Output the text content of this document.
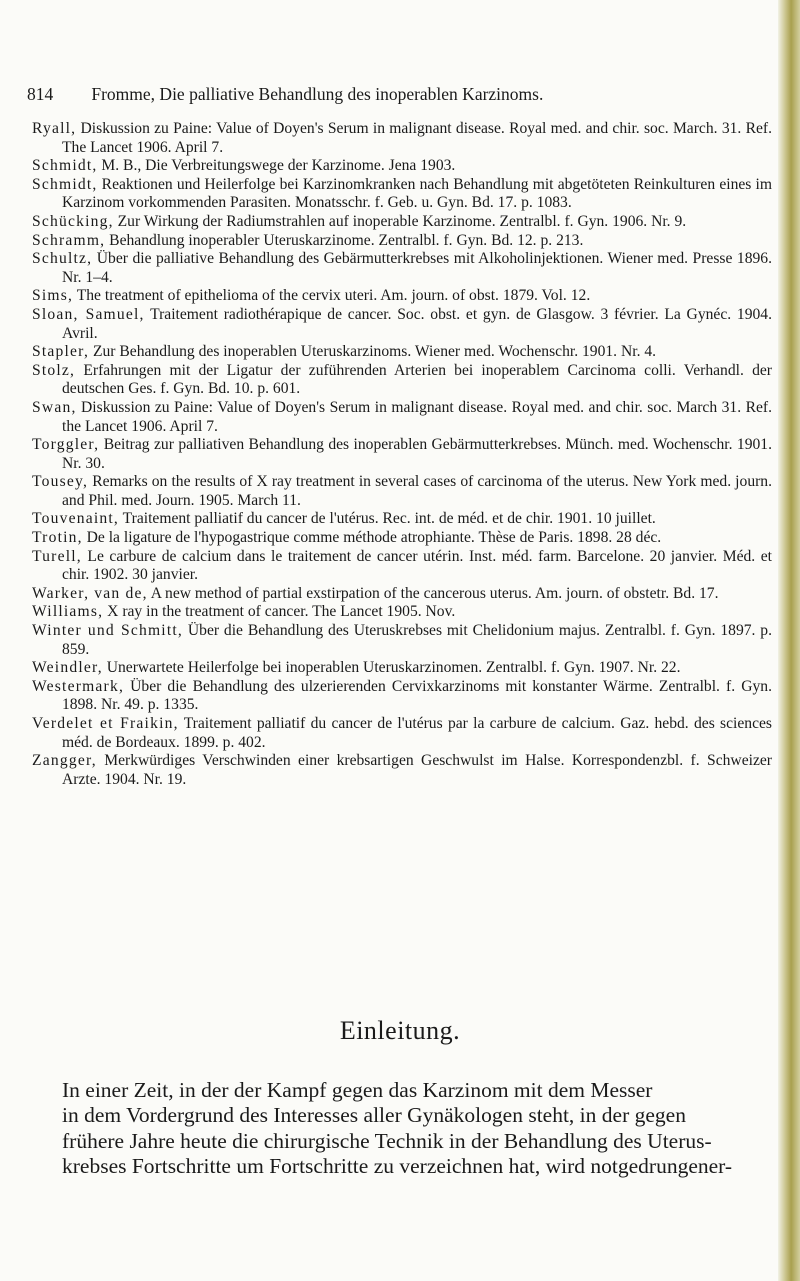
814 Fromme, Die palliative Behandlung des inoperablen Karzinoms.

Ryall, Diskussion zu Paine: Value of Doyen's Serum in malignant disease. Royal med. and chir. soc. March. 31. Ref. The Lancet 1906. April 7.

Schmidt, M. B., Die Verbreitungswege der Karzinome. Jena 1903.

Schmidt, Reaktionen und Heilerfolge bei Karzinomkranken nach Behandlung mit abgetöteten Reinkulturen eines im Karzinom vorkommenden Parasiten. Monatsschr. f. Geb. u. Gyn. Bd. 17. p. 1083.

Schücking, Zur Wirkung der Radiumstrahlen auf inoperable Karzinome. Zentralbl. f. Gyn. 1906. Nr. 9.

Schramm, Behandlung inoperabler Uteruskarzinome. Zentralbl. f. Gyn. Bd. 12. p. 213.

Schultz, Über die palliative Behandlung des Gebärmutterkrebses mit Alkoholinjektionen. Wiener med. Presse 1896. Nr. 1–4.

Sims, The treatment of epithelioma of the cervix uteri. Am. journ. of obst. 1879. Vol. 12.

Sloan, Samuel, Traitement radiothérapique de cancer. Soc. obst. et gyn. de Glasgow. 3 février. La Gynéc. 1904. Avril.

Stapler, Zur Behandlung des inoperablen Uteruskarzinoms. Wiener med. Wochenschr. 1901. Nr. 4.

Stolz, Erfahrungen mit der Ligatur der zuführenden Arterien bei inoperablem Carcinoma colli. Verhandl. der deutschen Ges. f. Gyn. Bd. 10. p. 601.

Swan, Diskussion zu Paine: Value of Doyen's Serum in malignant disease. Royal med. and chir. soc. March 31. Ref. the Lancet 1906. April 7.

Torggler, Beitrag zur palliativen Behandlung des inoperablen Gebärmutterkrebses. Münch. med. Wochenschr. 1901. Nr. 30.

Tousey, Remarks on the results of X ray treatment in several cases of carcinoma of the uterus. New York med. journ. and Phil. med. Journ. 1905. March 11.

Touvenaint, Traitement palliatif du cancer de l'utérus. Rec. int. de méd. et de chir. 1901. 10 juillet.

Trotin, De la ligature de l'hypogastrique comme méthode atrophiante. Thèse de Paris. 1898. 28 déc.

Turell, Le carbure de calcium dans le traitement de cancer utérin. Inst. méd. farm. Barcelone. 20 janvier. Méd. et chir. 1902. 30 janvier.

Warker, van de, A new method of partial exstirpation of the cancerous uterus. Am. journ. of obstetr. Bd. 17.

Williams, X ray in the treatment of cancer. The Lancet 1905. Nov.

Winter und Schmitt, Über die Behandlung des Uteruskrebses mit Chelidonium majus. Zentralbl. f. Gyn. 1897. p. 859.

Weindler, Unerwartete Heilerfolge bei inoperablen Uteruskarzinomen. Zentralbl. f. Gyn. 1907. Nr. 22.

Westermark, Über die Behandlung des ulzerierenden Cervixkarzinoms mit konstanter Wärme. Zentralbl. f. Gyn. 1898. Nr. 49. p. 1335.

Verdelet et Fraikin, Traitement palliatif du cancer de l'utérus par la carbure de calcium. Gaz. hebd. des sciences méd. de Bordeaux. 1899. p. 402.

Zangger, Merkwürdiges Verschwinden einer krebsartigen Geschwulst im Halse. Korrespondenzbl. f. Schweizer Arzte. 1904. Nr. 19.

Einleitung.
In einer Zeit, in der der Kampf gegen das Karzinom mit dem Messer
in dem Vordergrund des Interesses aller Gynäkologen steht, in der gegen
frühere Jahre heute die chirurgische Technik in der Behandlung des Uterus-
krebses Fortschritte um Fortschritte zu verzeichnen hat, wird notgedrungener-
